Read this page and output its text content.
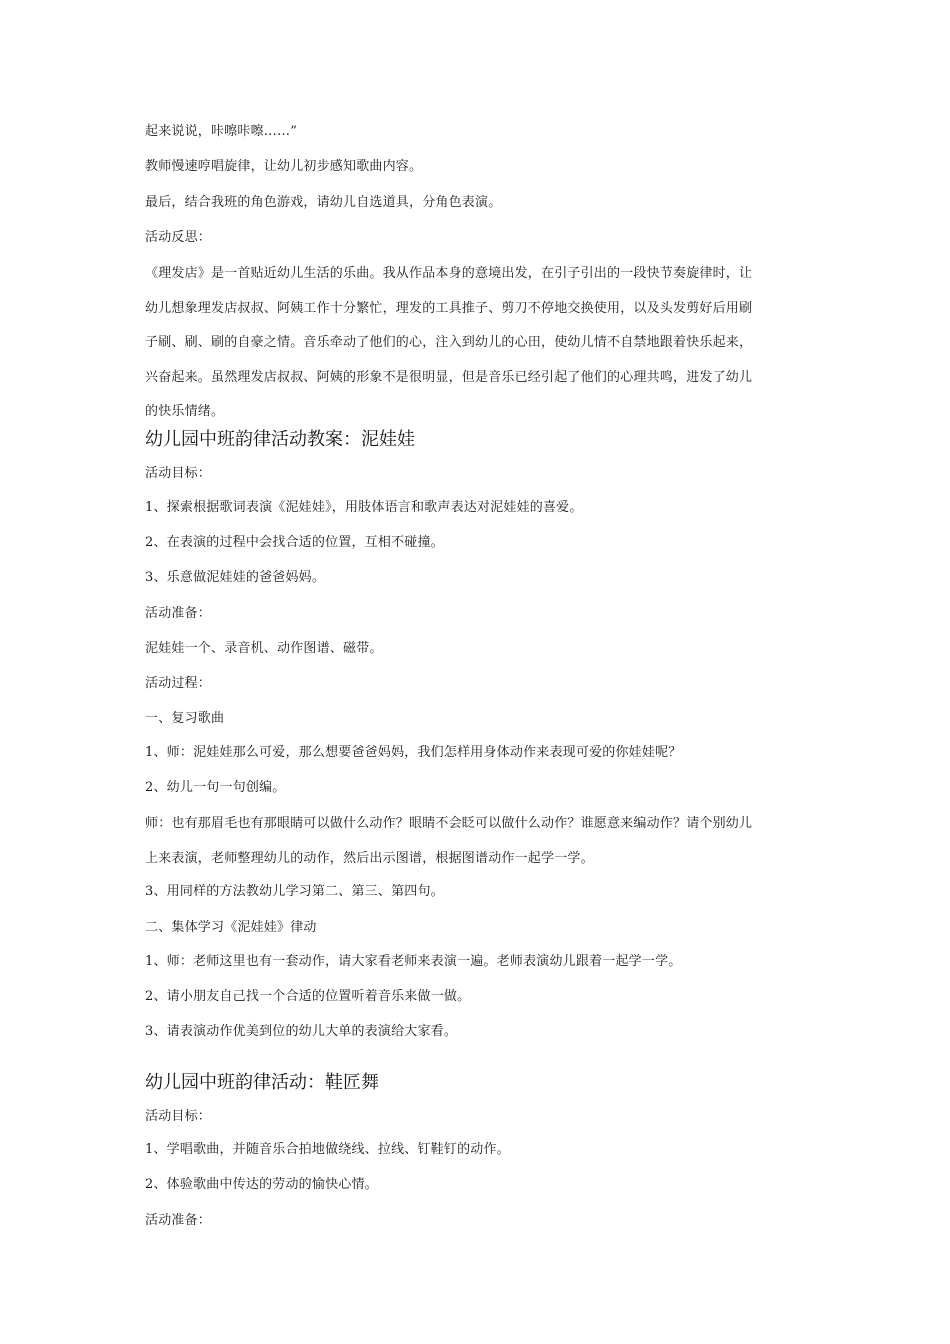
起来说说，咔嚓咔嚓……”
教师慢速哼唱旋律，让幼儿初步感知歌曲内容。
最后，结合我班的角色游戏，请幼儿自选道具，分角色表演。
活动反思：
《理发店》是一首贴近幼儿生活的乐曲。我从作品本身的意境出发，在引子引出的一段快节奏旋律时，让
幼儿想象理发店叔叔、阿姨工作十分繁忙，理发的工具推子、剪刀不停地交换使用，以及头发剪好后用刷
子刷、刷、刷的自豪之情。音乐牵动了他们的心，注入到幼儿的心田，使幼儿情不自禁地跟着快乐起来，
兴奋起来。虽然理发店叔叔、阿姨的形象不是很明显，但是音乐已经引起了他们的心理共鸣，进发了幼儿
的快乐情绪。
幼儿园中班韵律活动教案：泥娃娃
活动目标：
1、探索根据歌词表演《泥娃娃》，用肢体语言和歌声表达对泥娃娃的喜爱。
2、在表演的过程中会找合适的位置，互相不碰撞。
3、乐意做泥娃娃的爸爸妈妈。
活动准备：
泥娃娃一个、录音机、动作图谱、磁带。
活动过程：
一、复习歌曲
1、师：泥娃娃那么可爱，那么想要爸爸妈妈，我们怎样用身体动作来表现可爱的你娃娃呢？
2、幼儿一句一句创编。
师：也有那眉毛也有那眼睛可以做什么动作？眼睛不会眨可以做什么动作？谁愿意来编动作？请个别幼儿
上来表演，老师整理幼儿的动作，然后出示图谱，根据图谱动作一起学一学。
3、用同样的方法教幼儿学习第二、第三、第四句。
二、集体学习《泥娃娃》律动
1、师：老师这里也有一套动作，请大家看老师来表演一遍。老师表演幼儿跟着一起学一学。
2、请小朋友自己找一个合适的位置听着音乐来做一做。
3、请表演动作优美到位的幼儿大单的表演给大家看。
幼儿园中班韵律活动：鞋匠舞
活动目标：
1、学唱歌曲，并随音乐合拍地做绕线、拉线、钉鞋钉的动作。
2、体验歌曲中传达的劳动的愉快心情。
活动准备：
